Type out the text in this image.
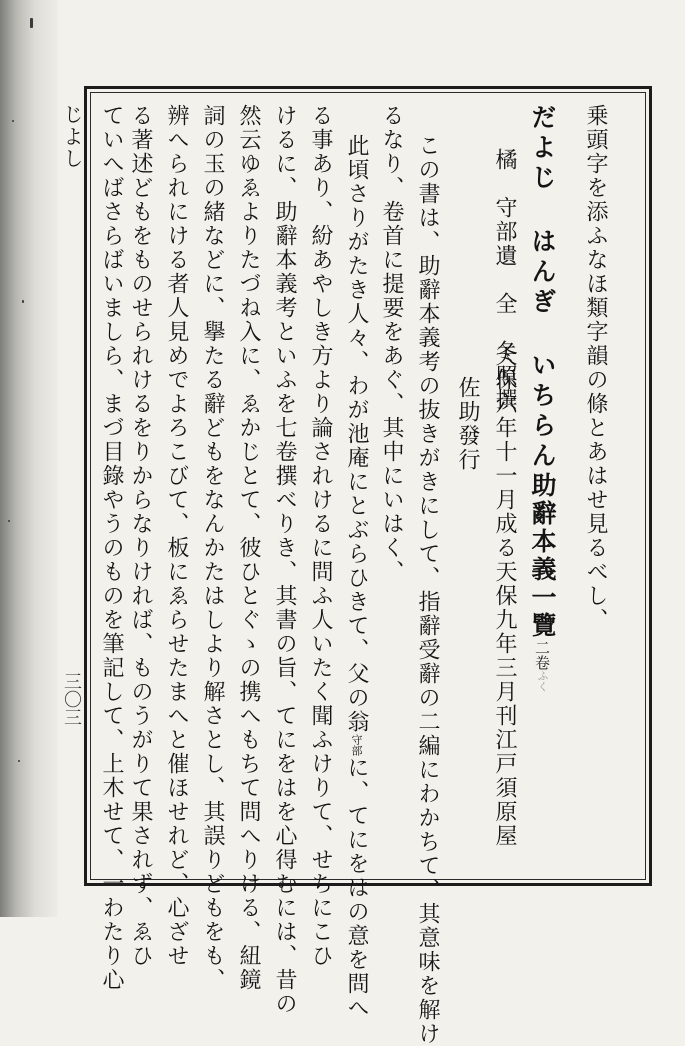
じよし
三〇三
乗頭字を添ふなほ類字韻の條とあはせ見るべし、
だよじ はんぎ いちらん助辭本義一覽二卷ふく
橘　守部遺　全　冬照撰
天保六年十一月成る天保九年三月刊江戸須原屋
佐助發行
この書は、助辭本義考の抜きがきにして、指辭受辭の二編にわかちて、其意味を解け
るなり、卷首に提要をあぐ、其中にいはく、
此頃さりがたき人々、わが池庵にとぶらひきて、父の翁守部に、てにをはの意を問へ
る事あり、紛あやしき方より論されけるに問ふ人いたく聞ふけりて、せちにこひ
けるに、助辭本義考といふを七卷撰べりき、其書の旨、てにをはを心得むには、昔の
然云ゆゑよりたづね入に、ゑかじとて、彼ひとぐゝの携へもちて問へりける、紐鏡
詞の玉の緒などに、擧たる辭どもをなんかたはしより解さとし、其誤りどもをも、
辨へられにける者人見めでよろこびて、板にゑらせたまへと催ほせれど、心ざせ
る著述どもをものせられけるをりからなりければ、ものうがりて果されず、ゑひ
ていへばさらばいましら、まづ目錄やうのものを筆記して、上木せて、一わたり心
